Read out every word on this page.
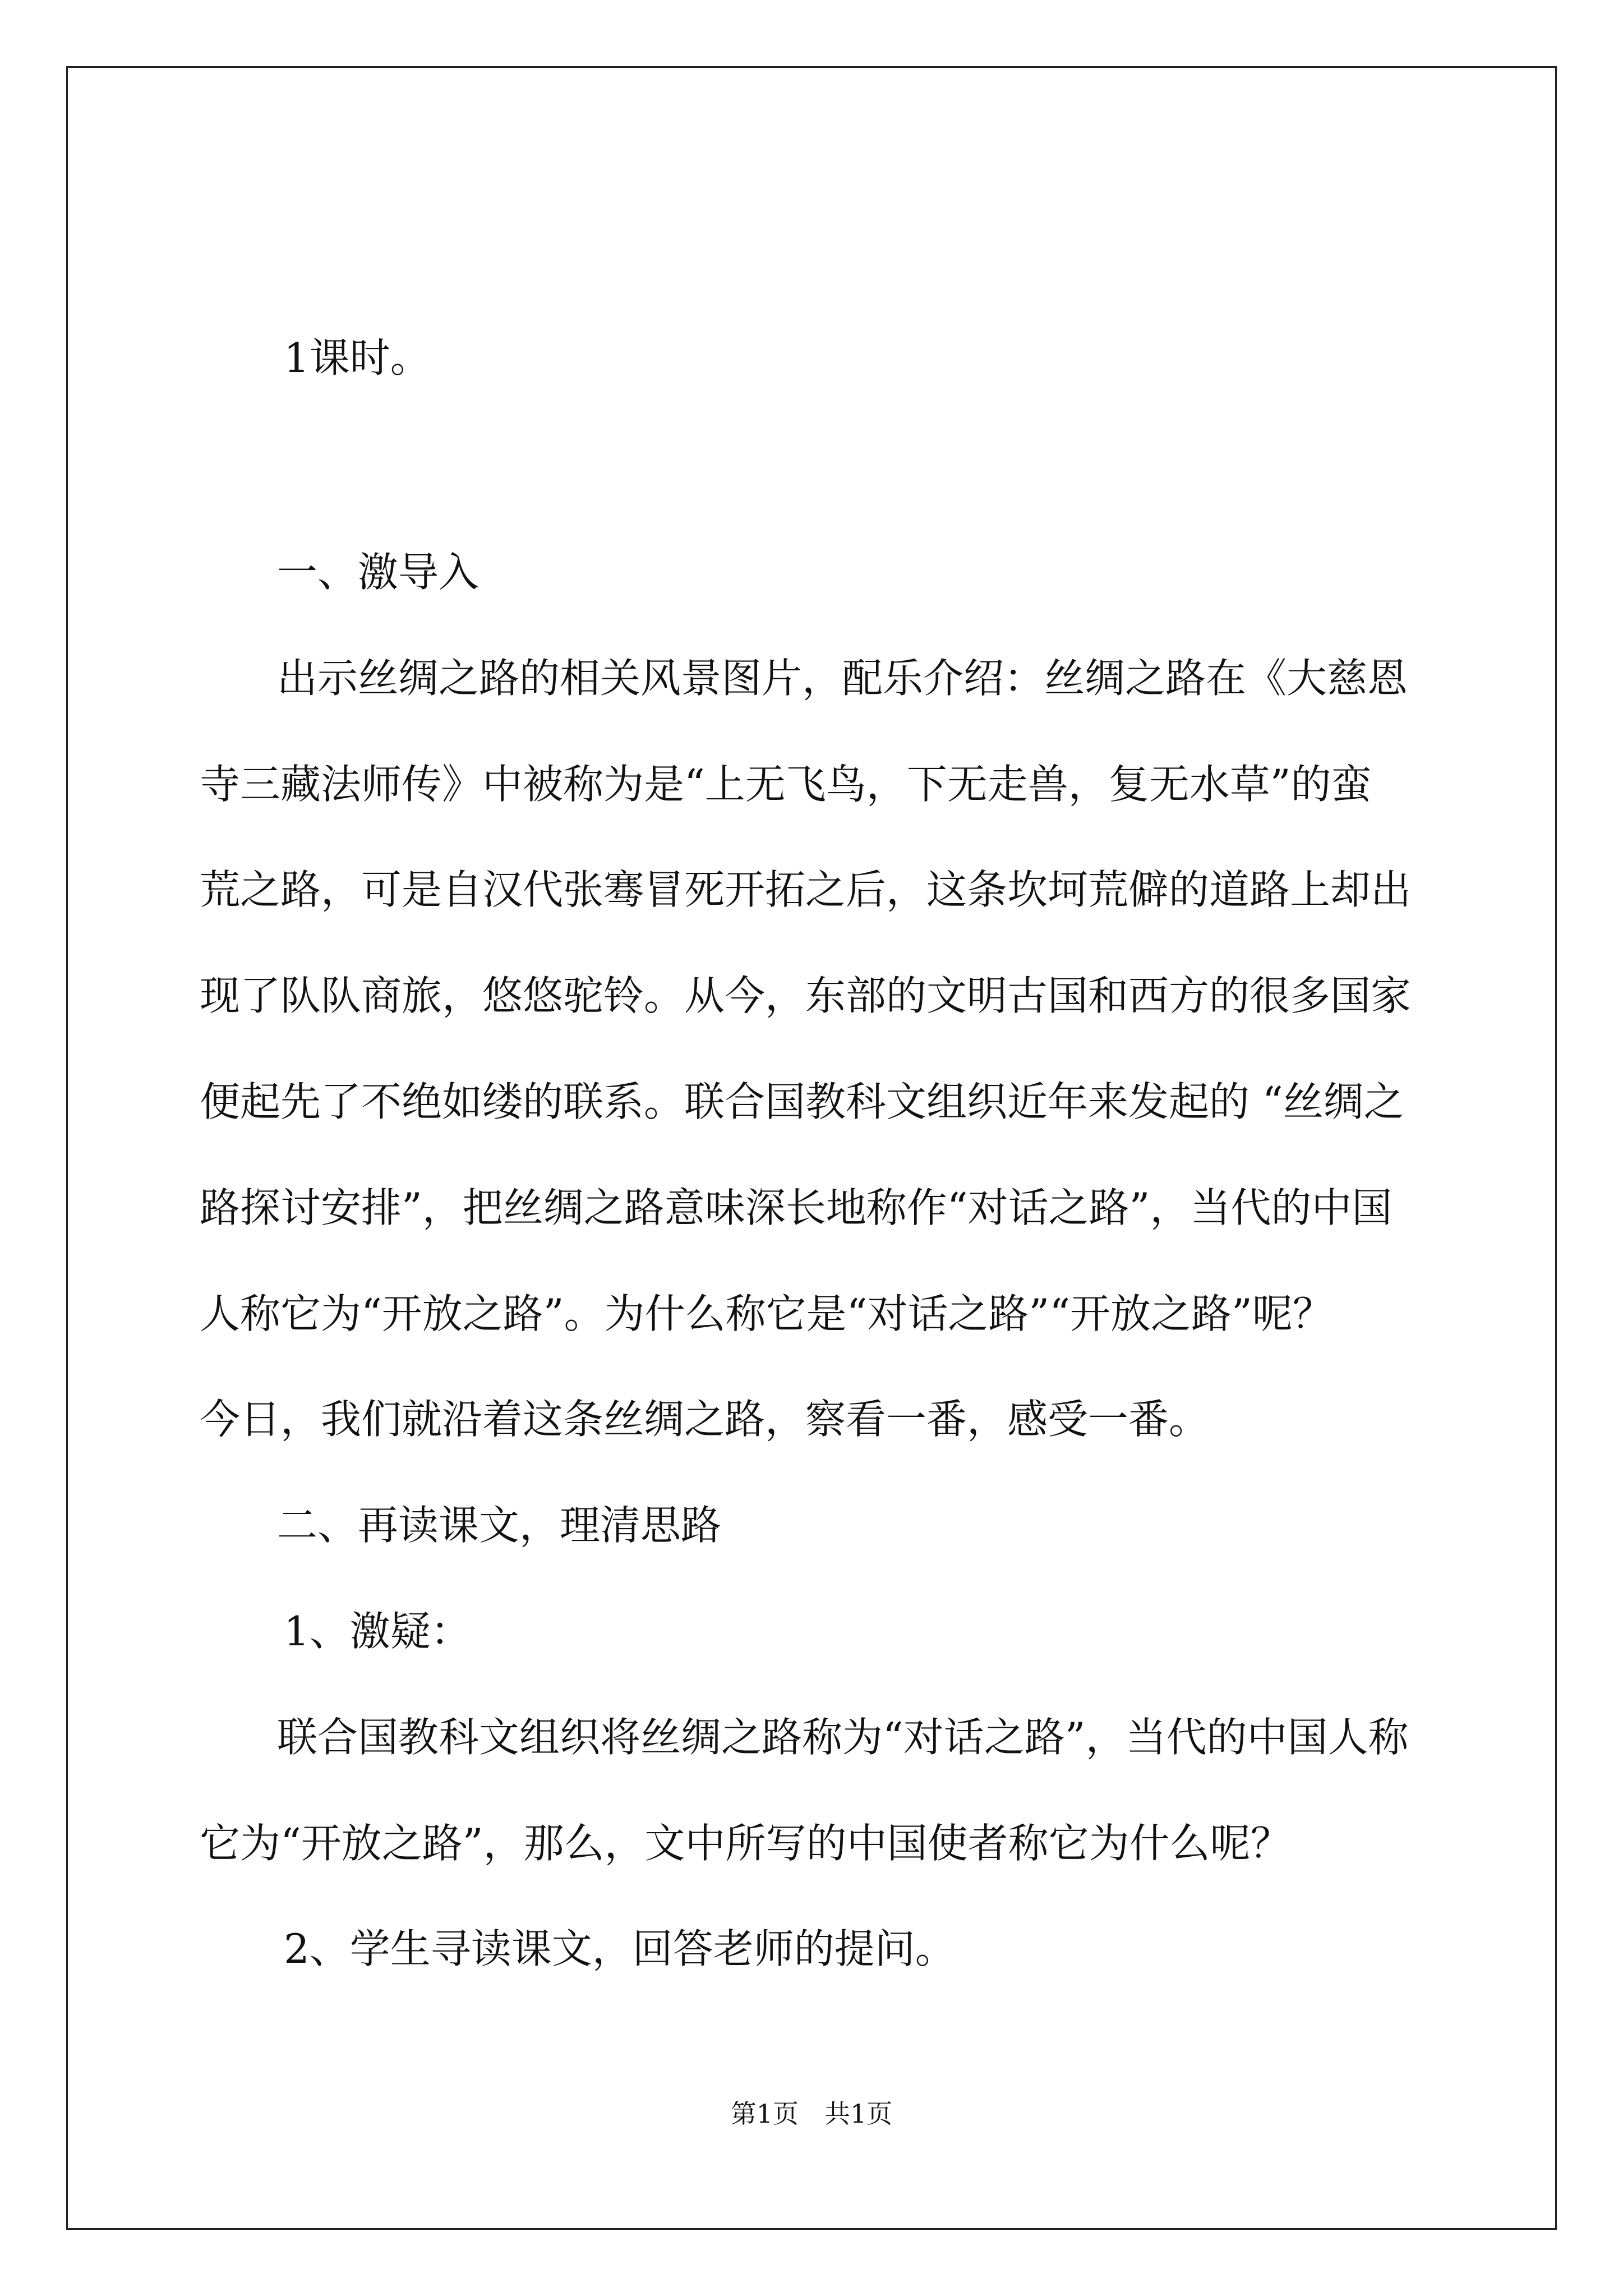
1课时。
一、激导入
出示丝绸之路的相关风景图片，配乐介绍：丝绸之路在《大慈恩
寺三藏法师传》中被称为是“上无飞鸟，下无走兽，复无水草”的蛮
荒之路，可是自汉代张骞冒死开拓之后，这条坎坷荒僻的道路上却出
现了队队商旅，悠悠驼铃。从今，东部的文明古国和西方的很多国家
便起先了不绝如缕的联系。联合国教科文组织近年来发起的 “丝绸之
路探讨安排”，把丝绸之路意味深长地称作“对话之路”，当代的中国
人称它为“开放之路”。为什么称它是“对话之路”“开放之路”呢？
今日，我们就沿着这条丝绸之路，察看一番，感受一番。
二、再读课文，理清思路
1、激疑：
联合国教科文组织将丝绸之路称为“对话之路”，当代的中国人称
它为“开放之路”，那么，文中所写的中国使者称它为什么呢？
2、学生寻读课文，回答老师的提问。
第1页　共1页
